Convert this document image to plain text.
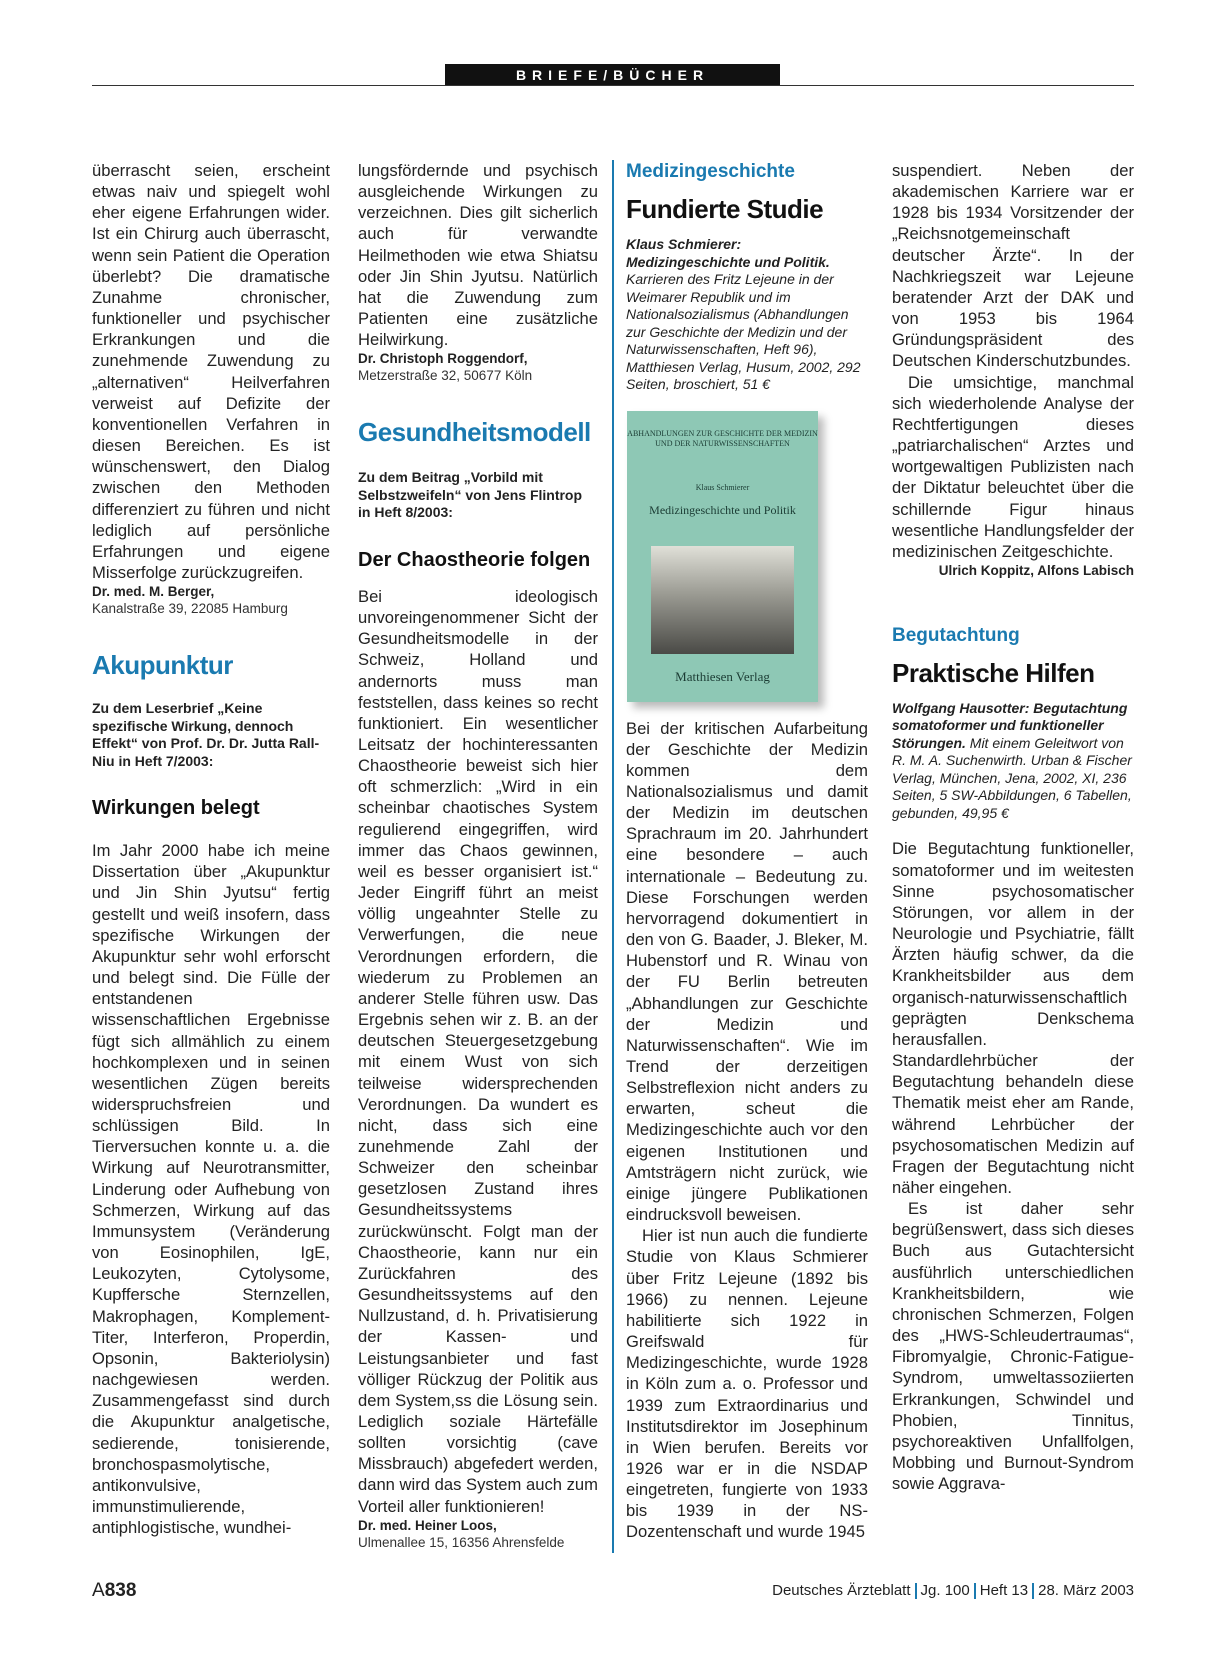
BRIEFE/BÜCHER

überrascht seien, erscheint etwas naiv und spiegelt wohl eher eigene Erfahrungen wider. Ist ein Chirurg auch überrascht, wenn sein Patient die Operation überlebt? Die dramatische Zunahme chronischer, funktioneller und psychischer Erkrankungen und die zunehmende Zuwendung zu „alternativen“ Heilverfahren verweist auf Defizite der konventionellen Verfahren in diesen Bereichen. Es ist wünschenswert, den Dialog zwischen den Methoden differenziert zu führen und nicht lediglich auf persönliche Erfahrungen und eigene Misserfolge zurückzugreifen.

Dr. med. M. Berger,
Kanalstraße 39, 22085 Hamburg
Akupunktur
Zu dem Leserbrief „Keine spezifische Wirkung, dennoch Effekt“ von Prof. Dr. Dr. Jutta Rall-Niu in Heft 7/2003:
Wirkungen belegt

Im Jahr 2000 habe ich meine Dissertation über „Akupunktur und Jin Shin Jyutsu“ fertig gestellt und weiß insofern, dass spezifische Wirkungen der Akupunktur sehr wohl erforscht und belegt sind. Die Fülle der entstandenen wissenschaftlichen Ergebnisse fügt sich allmählich zu einem hochkomplexen und in seinen wesentlichen Zügen bereits widerspruchsfreien und schlüssigen Bild. In Tierversuchen konnte u. a. die Wirkung auf Neurotransmitter, Linderung oder Aufhebung von Schmerzen, Wirkung auf das Immunsystem (Veränderung von Eosinophilen, IgE, Leukozyten, Cytolysome, Kupffersche Sternzellen, Makrophagen, Komplement-Titer, Interferon, Properdin, Opsonin, Bakteriolysin) nachgewiesen werden. Zusammengefasst sind durch die Akupunktur analgetische, sedierende, tonisierende, bronchospasmolytische, antikonvulsive, immunstimulierende, antiphlogistische, wundhei-

lungsfördernde und psychisch ausgleichende Wirkungen zu verzeichnen. Dies gilt sicherlich auch für verwandte Heilmethoden wie etwa Shiatsu oder Jin Shin Jyutsu. Natürlich hat die Zuwendung zum Patienten eine zusätzliche Heilwirkung.

Dr. Christoph Roggendorf,
Metzerstraße 32, 50677 Köln
Gesundheitsmodell
Zu dem Beitrag „Vorbild mit Selbstzweifeln“ von Jens Flintrop in Heft 8/2003:
Der Chaostheorie folgen

Bei ideologisch unvoreingenommener Sicht der Gesundheitsmodelle in der Schweiz, Holland und andernorts muss man feststellen, dass keines so recht funktioniert. Ein wesentlicher Leitsatz der hochinteressanten Chaostheorie beweist sich hier oft schmerzlich: „Wird in ein scheinbar chaotisches System regulierend eingegriffen, wird immer das Chaos gewinnen, weil es besser organisiert ist.“ Jeder Eingriff führt an meist völlig ungeahnter Stelle zu Verwerfungen, die neue Verordnungen erfordern, die wiederum zu Problemen an anderer Stelle führen usw. Das Ergebnis sehen wir z. B. an der deutschen Steuergesetzgebung mit einem Wust von sich teilweise widersprechenden Verordnungen. Da wundert es nicht, dass sich eine zunehmende Zahl der Schweizer den scheinbar gesetzlosen Zustand ihres Gesundheitssystems zurückwünscht. Folgt man der Chaostheorie, kann nur ein Zurückfahren des Gesundheitssystems auf den Nullzustand, d. h. Privatisierung der Kassen- und Leistungsanbieter und fast völliger Rückzug der Politik aus dem System,ss die Lösung sein. Lediglich soziale Härtefälle sollten vorsichtig (cave Missbrauch) abgefedert werden, dann wird das System auch zum Vorteil aller funktionieren!

Dr. med. Heiner Loos,
Ulmenallee 15, 16356 Ahrensfelde
Medizingeschichte
Fundierte Studie
Klaus Schmierer: Medizingeschichte und Politik. Karrieren des Fritz Lejeune in der Weimarer Republik und im Nationalsozialismus (Abhandlungen zur Geschichte der Medizin und der Naturwissenschaften, Heft 96), Matthiesen Verlag, Husum, 2002, 292 Seiten, broschiert, 51 €

Bei der kritischen Aufarbeitung der Geschichte der Medizin kommen dem Nationalsozialismus und damit der Medizin im deutschen Sprachraum im 20. Jahrhundert eine besondere – auch internationale – Bedeutung zu. Diese Forschungen werden hervorragend dokumentiert in den von G. Baader, J. Bleker, M. Hubenstorf und R. Winau von der FU Berlin betreuten „Abhandlungen zur Geschichte der Medizin und Naturwissenschaften“. Wie im Trend der derzeitigen Selbstreflexion nicht anders zu erwarten, scheut die Medizingeschichte auch vor den eigenen Institutionen und Amtsträgern nicht zurück, wie einige jüngere Publikationen eindrucksvoll beweisen.

Hier ist nun auch die fundierte Studie von Klaus Schmierer über Fritz Lejeune (1892 bis 1966) zu nennen. Lejeune habilitierte sich 1922 in Greifswald für Medizingeschichte, wurde 1928 in Köln zum a. o. Professor und 1939 zum Extraordinarius und Institutsdirektor im Josephinum in Wien berufen. Bereits vor 1926 war er in die NSDAP eingetreten, fungierte von 1933 bis 1939 in der NS-Dozentenschaft und wurde 1945

ABHANDLUNGEN ZUR GESCHICHTE DER MEDIZIN UND DER NATURWISSENSCHAFTEN
Klaus Schmierer
Medizingeschichte und Politik
Matthiesen Verlag

suspendiert. Neben der akademischen Karriere war er 1928 bis 1934 Vorsitzender der „Reichsnotgemeinschaft deutscher Ärzte“. In der Nachkriegszeit war Lejeune beratender Arzt der DAK und von 1953 bis 1964 Gründungspräsident des Deutschen Kinderschutzbundes.

Die umsichtige, manchmal sich wiederholende Analyse der Rechtfertigungen dieses „patriarchalischen“ Arztes und wortgewaltigen Publizisten nach der Diktatur beleuchtet über die schillernde Figur hinaus wesentliche Handlungsfelder der medizinischen Zeitgeschichte.

Ulrich Koppitz, Alfons Labisch
Begutachtung
Praktische Hilfen
Wolfgang Hausotter: Begutachtung somatoformer und funktioneller Störungen. Mit einem Geleitwort von R. M. A. Suchenwirth. Urban & Fischer Verlag, München, Jena, 2002, XI, 236 Seiten, 5 SW-Abbildungen, 6 Tabellen, gebunden, 49,95 €

Die Begutachtung funktioneller, somatoformer und im weitesten Sinne psychosomatischer Störungen, vor allem in der Neurologie und Psychiatrie, fällt Ärzten häufig schwer, da die Krankheitsbilder aus dem organisch-naturwissenschaftlich geprägten Denkschema herausfallen. Standardlehrbücher der Begutachtung behandeln diese Thematik meist eher am Rande, während Lehrbücher der psychosomatischen Medizin auf Fragen der Begutachtung nicht näher eingehen.

Es ist daher sehr begrüßenswert, dass sich dieses Buch aus Gutachtersicht ausführlich unterschiedlichen Krankheitsbildern, wie chronischen Schmerzen, Folgen des „HWS-Schleudertraumas“, Fibromyalgie, Chronic-Fatigue-Syndrom, umweltassoziierten Erkrankungen, Schwindel und Phobien, Tinnitus, psychoreaktiven Unfallfolgen, Mobbing und Burnout-Syndrom sowie Aggrava-

A838	Deutsches Ärzteblatt Jg. 100 Heft 13 28. März 2003
